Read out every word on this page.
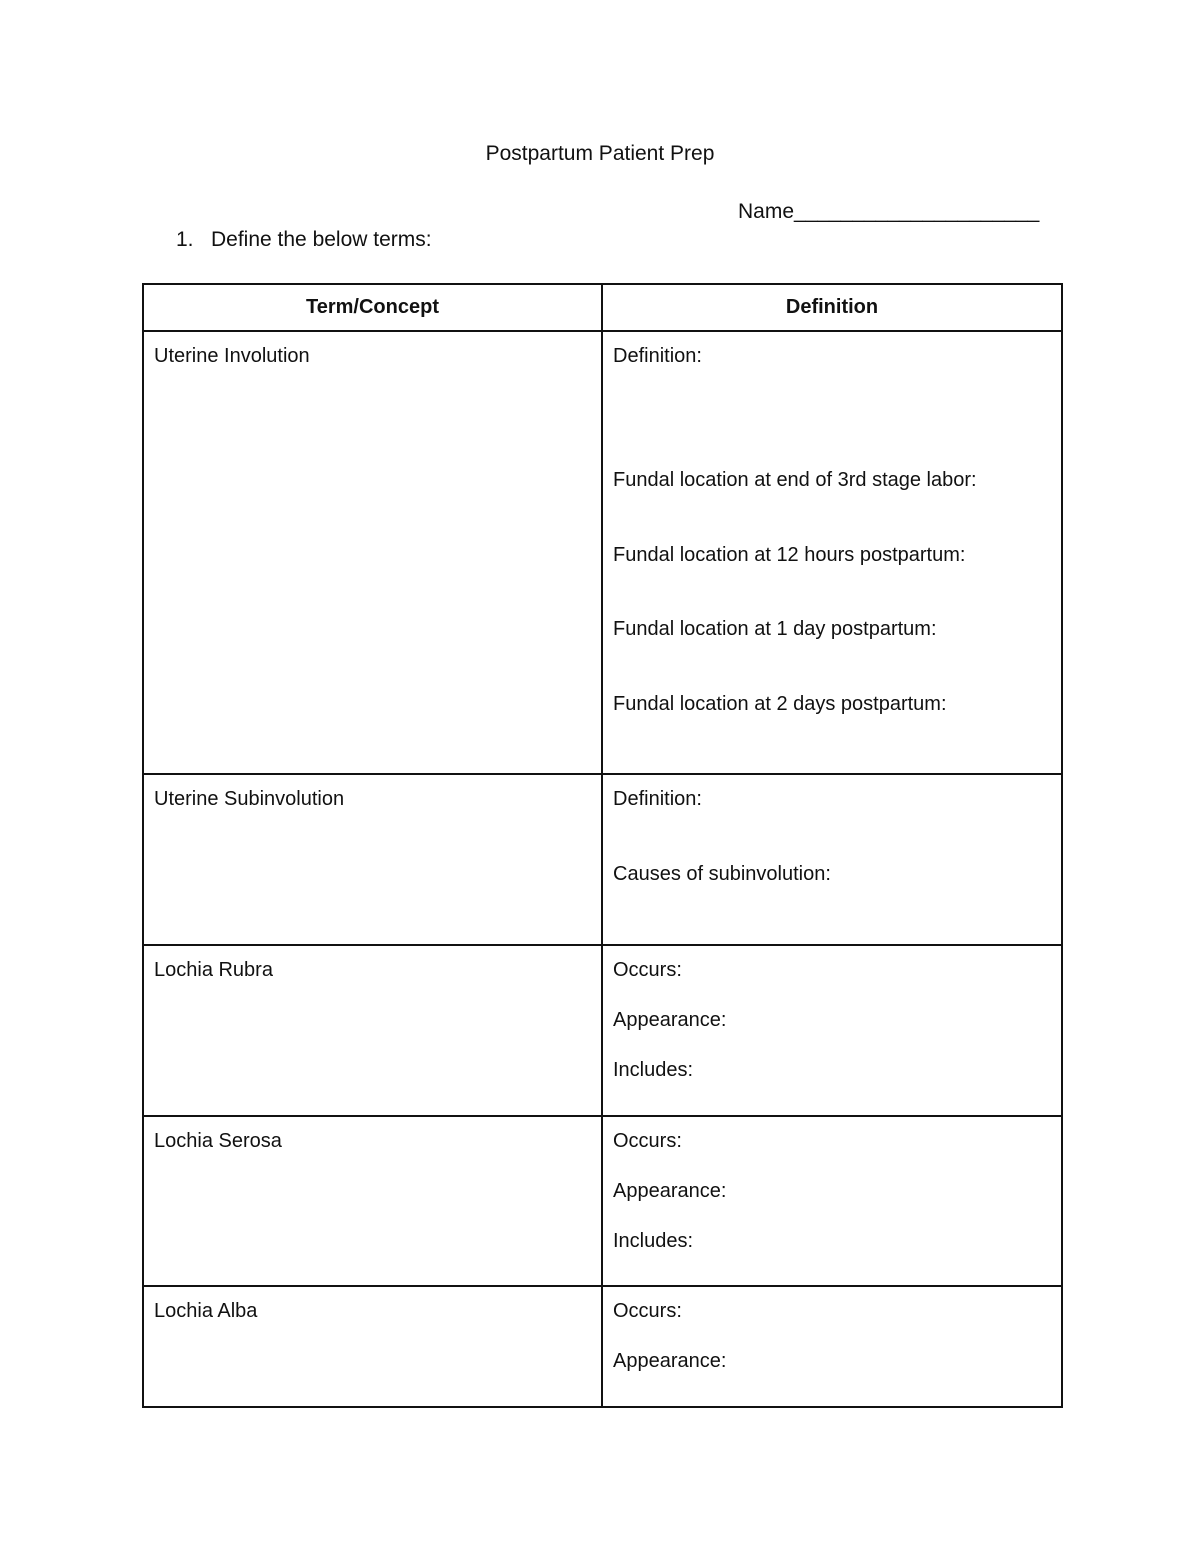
Postpartum Patient Prep
Name_____________________
1. Define the below terms:
Term/Concept	Definition
Uterine Involution	Definition:
Fundal location at end of 3rd stage labor:
Fundal location at 12 hours postpartum:
Fundal location at 1 day postpartum:
Fundal location at 2 days postpartum:

Uterine Subinvolution	Definition:
Causes of subinvolution:

Lochia Rubra	Occurs:
Appearance:
Includes:

Lochia Serosa	Occurs:
Appearance:
Includes:

Lochia Alba	Occurs:
Appearance:
